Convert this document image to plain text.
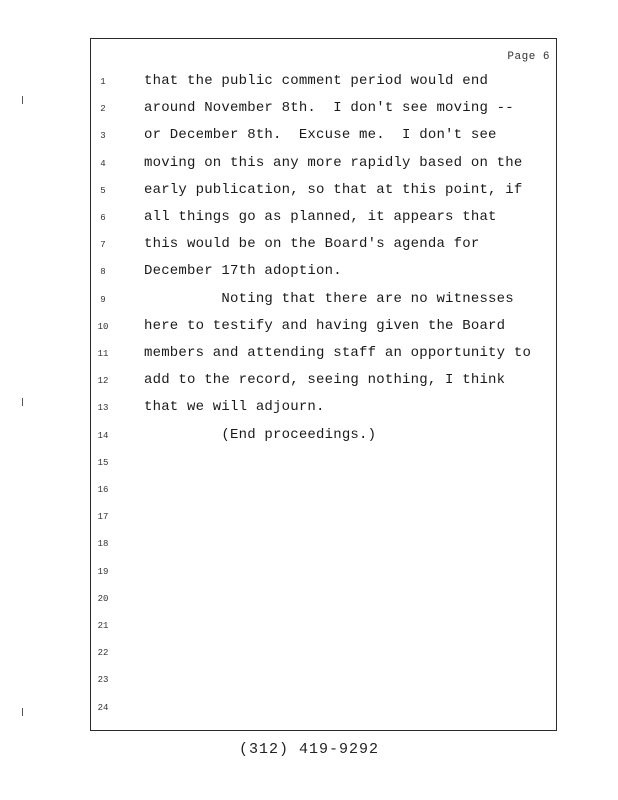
Page 6
1	that the public comment period would end
2	around November 8th.  I don't see moving --
3	or December 8th.  Excuse me.  I don't see
4	moving on this any more rapidly based on the
5	early publication, so that at this point, if
6	all things go as planned, it appears that
7	this would be on the Board's agenda for
8	December 17th adoption.
9	Noting that there are no witnesses
10	here to testify and having given the Board
11	members and attending staff an opportunity to
12	add to the record, seeing nothing, I think
13	that we will adjourn.
14	(End proceedings.)
15
16
17
18
19
20
21
22
23
24
(312) 419-9292
